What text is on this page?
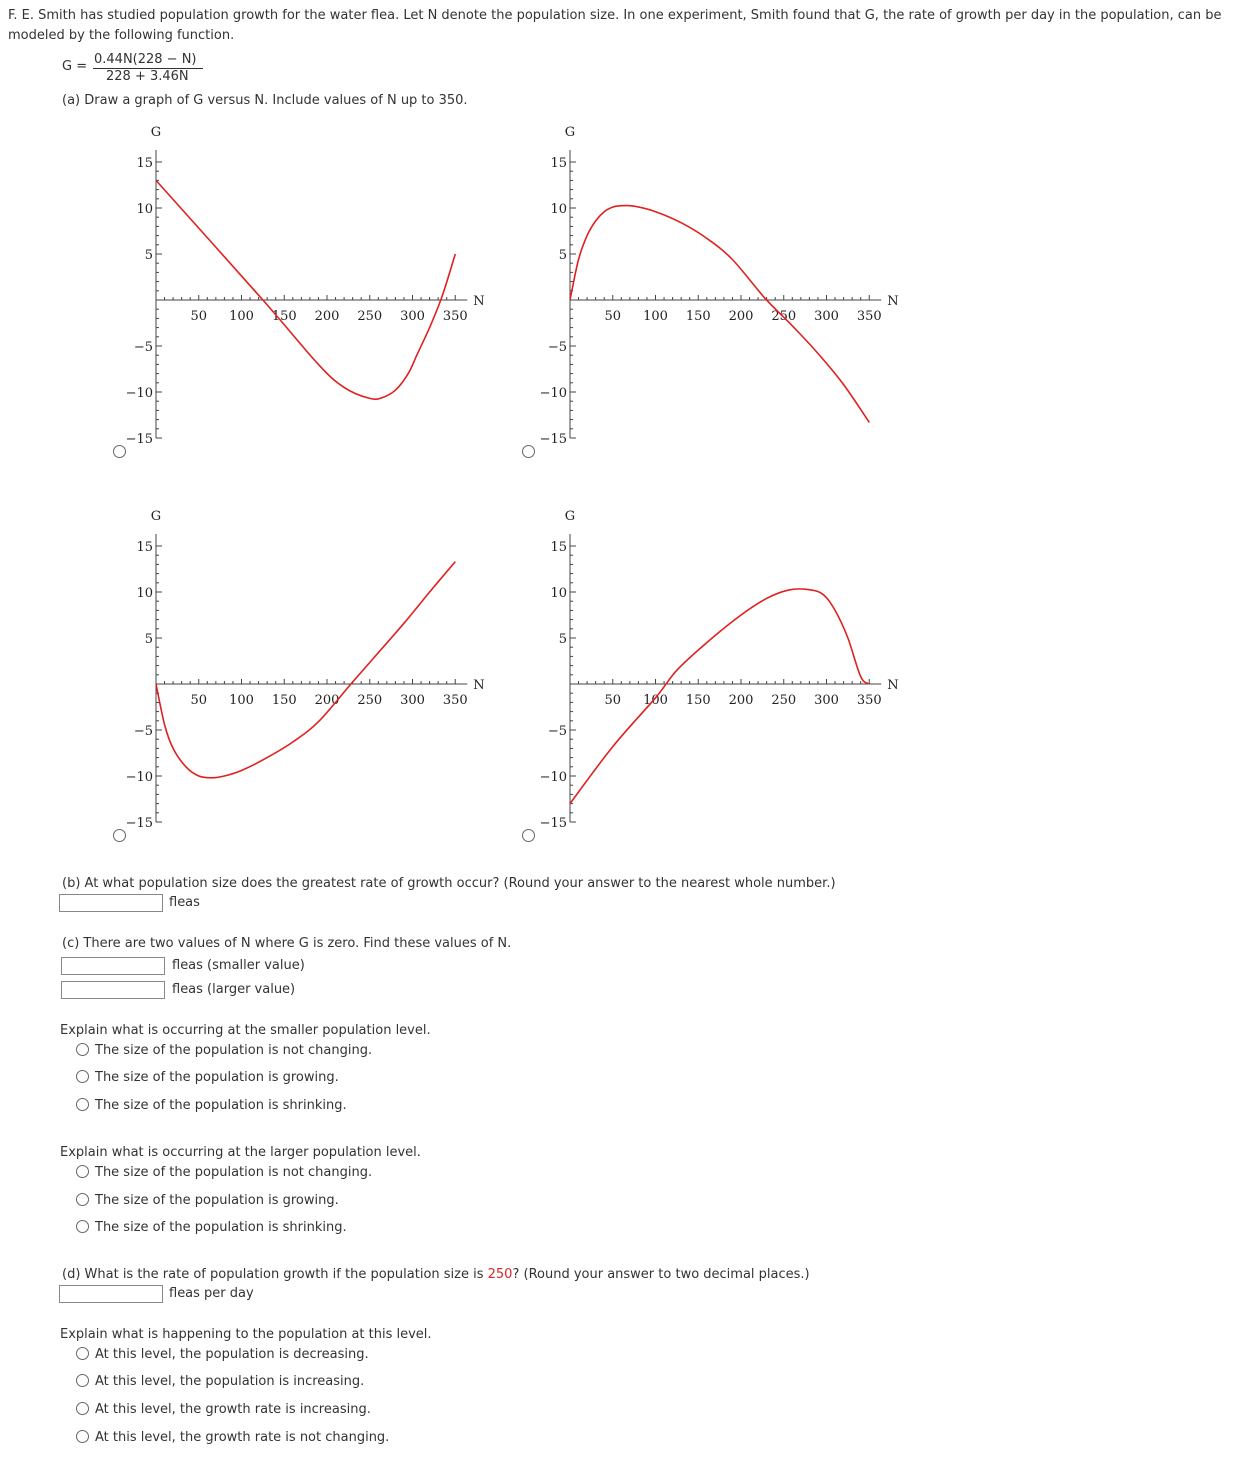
F. E. Smith has studied population growth for the water flea. Let N denote the population size. In one experiment, Smith found that G, the rate of growth per day in the population, can be modeled by the following function.
G = 0.44N(228 − N)
228 + 3.46N
(a) Draw a graph of G versus N. Include values of N up to 350.
50 100 150 200 250 300 350
15
10
5
−5
−10
−15
N
G
50 100 150 200 250 300 350
15
10
5
−5
−10
−15
N
G
50 100 150 200 250 300 350
15
10
5
−5
−10
−15
N
G
50 100 150 200 250 300 350
15
10
5
−5
−10
−15
N
G
(b) At what population size does the greatest rate of growth occur? (Round your answer to the nearest whole number.)
fleas
(c) There are two values of N where G is zero. Find these values of N.
fleas (smaller value)
fleas (larger value)
Explain what is occurring at the smaller population level.
The size of the population is not changing.
The size of the population is growing.
The size of the population is shrinking.
Explain what is occurring at the larger population level.
The size of the population is not changing.
The size of the population is growing.
The size of the population is shrinking.
(d) What is the rate of population growth if the population size is 250? (Round your answer to two decimal places.)
fleas per day
Explain what is happening to the population at this level.
At this level, the population is decreasing.
At this level, the population is increasing.
At this level, the growth rate is increasing.
At this level, the growth rate is not changing.
